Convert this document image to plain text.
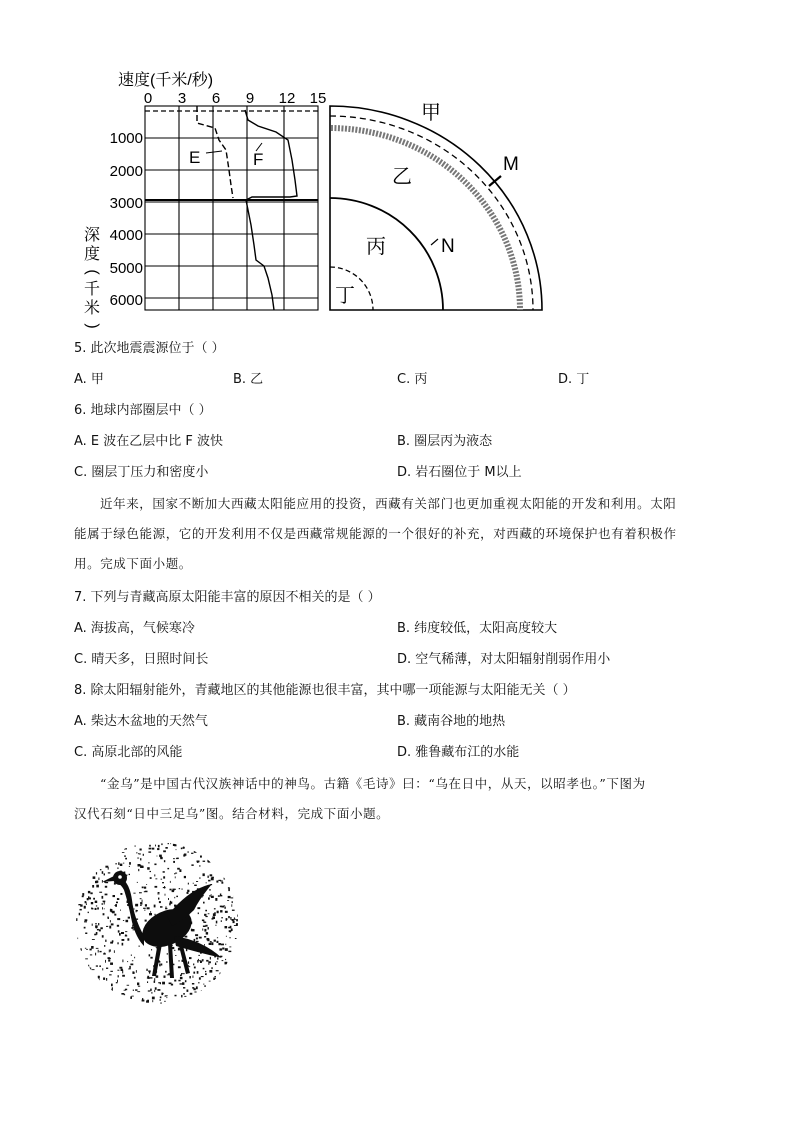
速度(千米/秒)
0 3 6 9 12 15
1000
2000
3000
4000
5000
6000
深
度
(
千
米
)
E	F
甲
乙
丙
丁
M
N
5. 此次地震震源位于（ ）
A. 甲	B. 乙	C. 丙	D. 丁
6. 地球内部圈层中（ ）
A. E 波在乙层中比 F 波快	B. 圈层丙为液态
C. 圈层丁压力和密度小	D. 岩石圈位于 M以上
近年来，国家不断加大西藏太阳能应用的投资，西藏有关部门也更加重视太阳能的开发和利用。太阳
能属于绿色能源，它的开发利用不仅是西藏常规能源的一个很好的补充，对西藏的环境保护也有着积极作
用。完成下面小题。
7. 下列与青藏高原太阳能丰富的原因不相关的是（ ）
A. 海拔高，气候寒冷	B. 纬度较低，太阳高度较大
C. 晴天多，日照时间长	D. 空气稀薄，对太阳辐射削弱作用小
8. 除太阳辐射能外，青藏地区的其他能源也很丰富，其中哪一项能源与太阳能无关（ ）
A. 柴达木盆地的天然气	B. 藏南谷地的地热
C. 高原北部的风能	D. 雅鲁藏布江的水能
“金乌”是中国古代汉族神话中的神鸟。古籍《毛诗》曰：“乌在日中，从天，以昭孝也。”下图为
汉代石刻“日中三足乌”图。结合材料，完成下面小题。
